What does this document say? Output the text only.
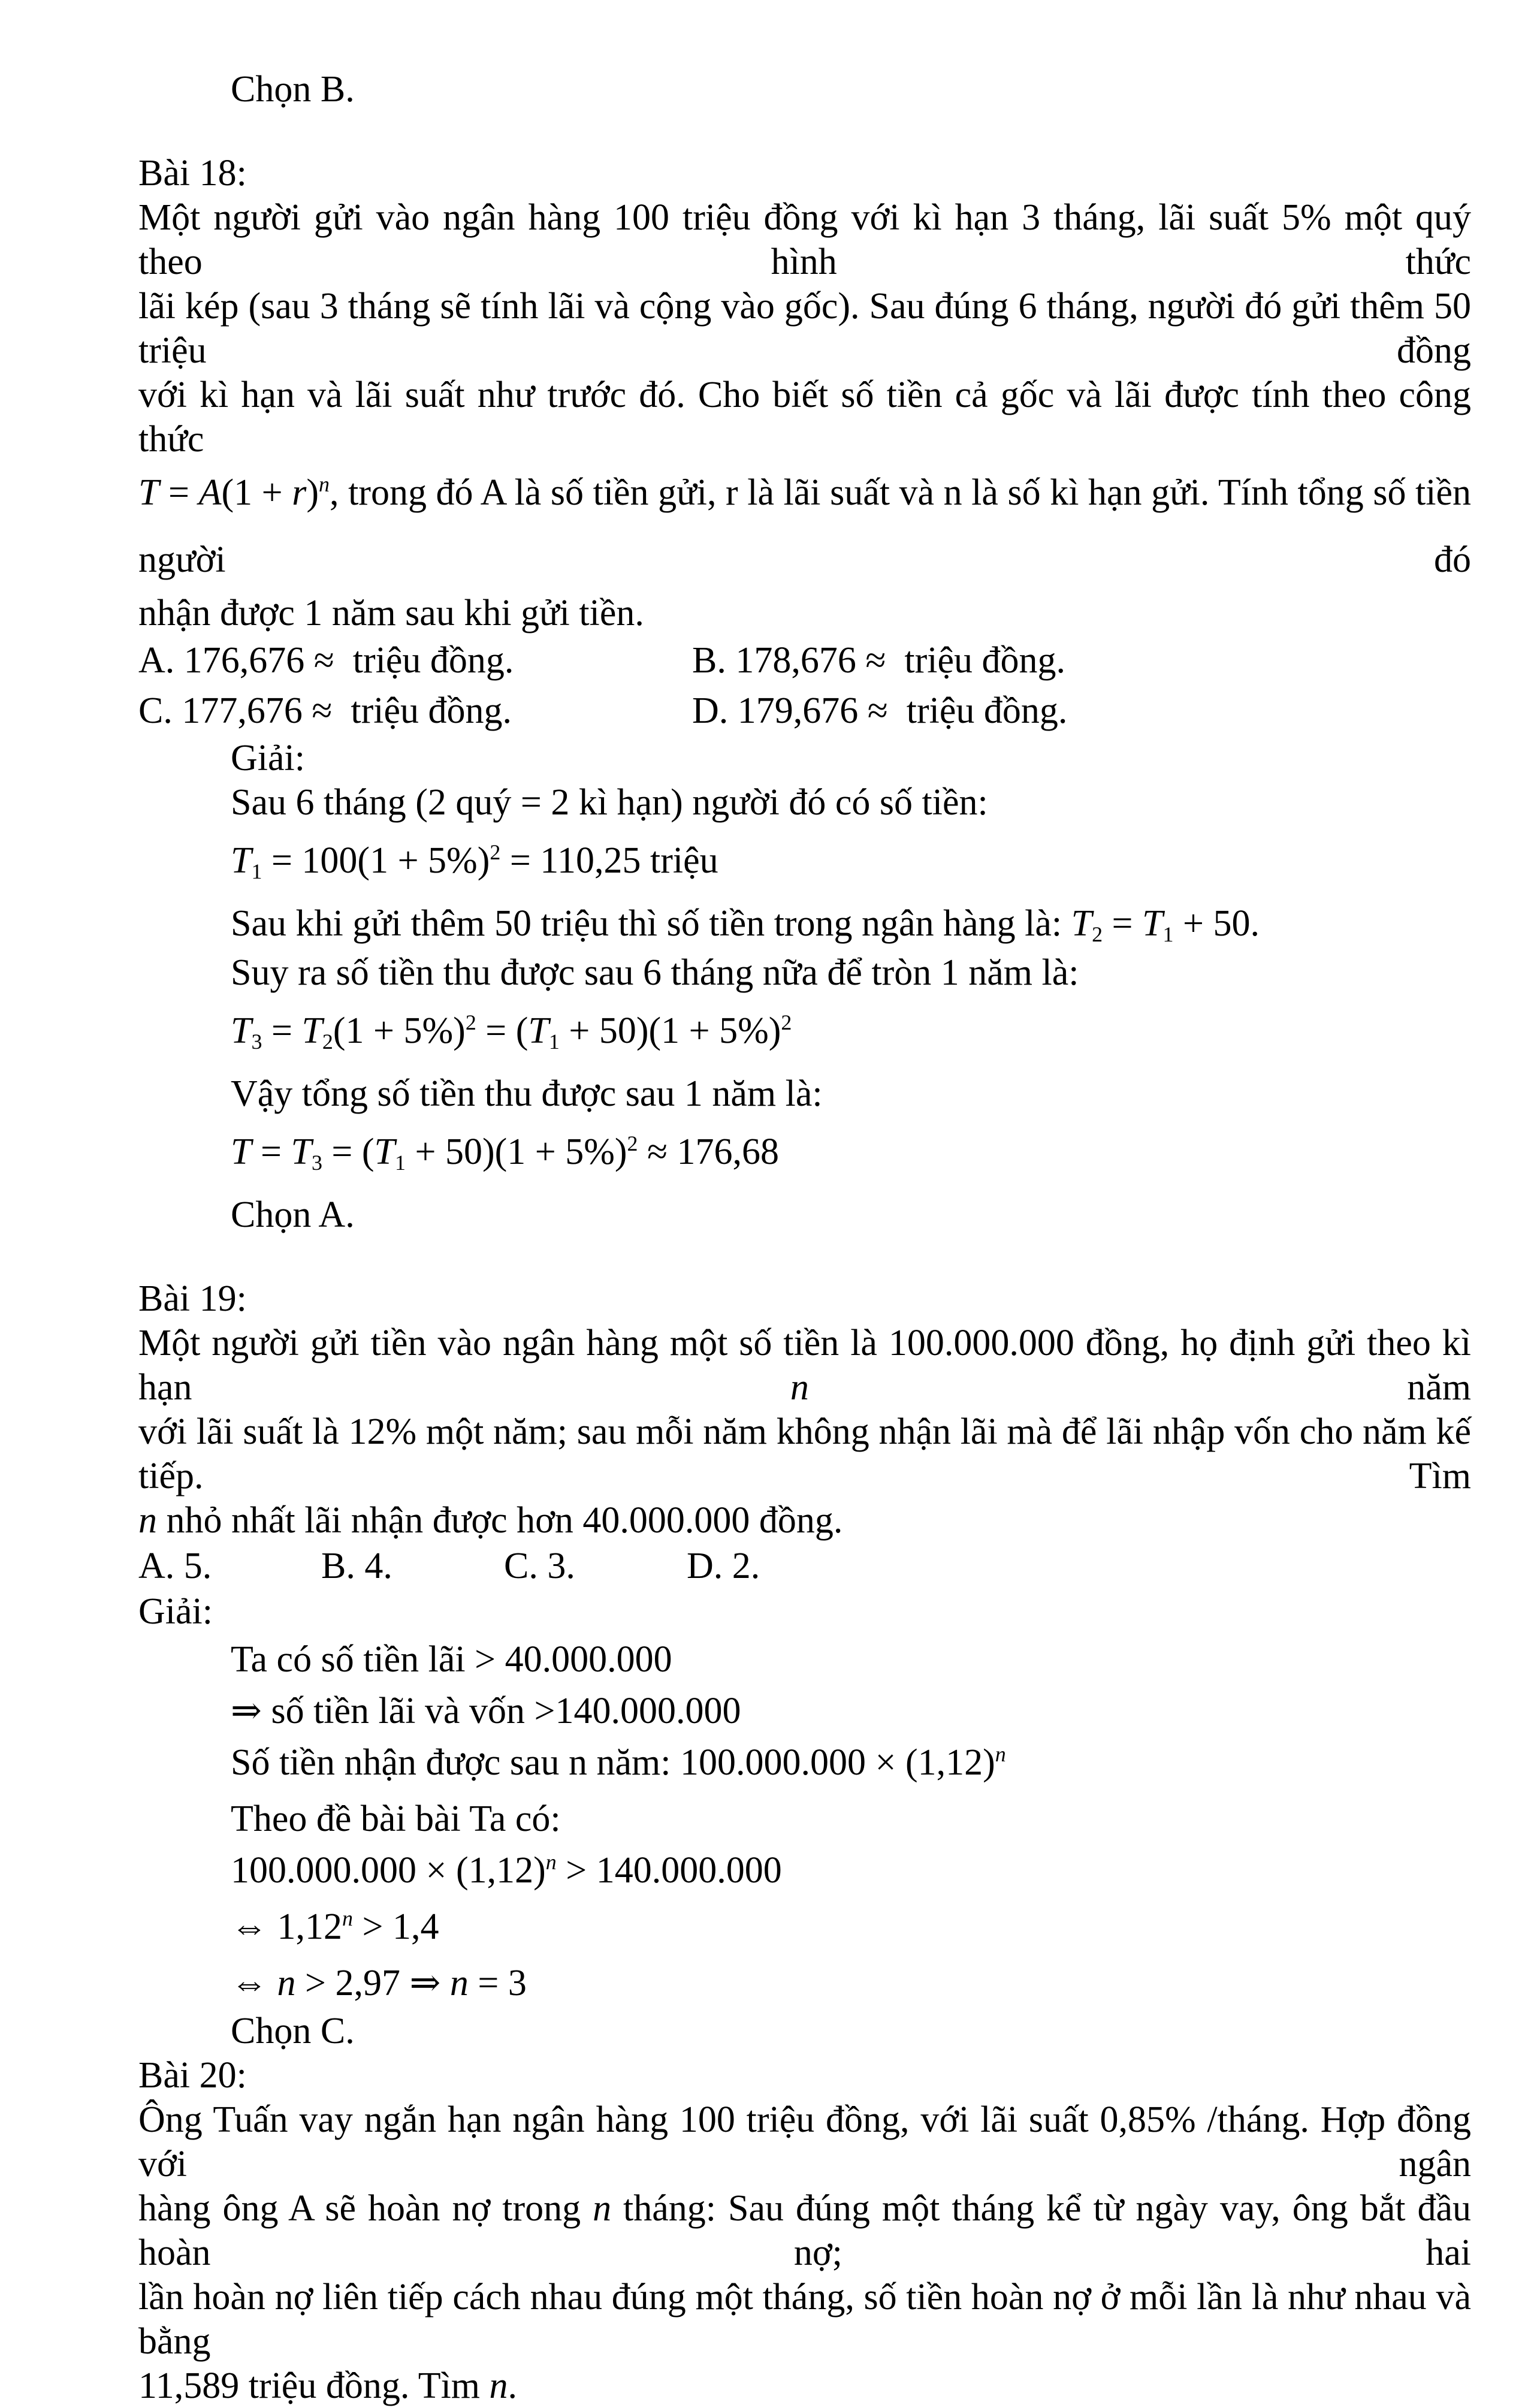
Chọn B.
Bài 18:
Một người gửi vào ngân hàng 100 triệu đồng với kì hạn 3 tháng, lãi suất 5% một quý theo hình thức
lãi kép (sau 3 tháng sẽ tính lãi và cộng vào gốc). Sau đúng 6 tháng, người đó gửi thêm 50 triệu đồng
với kì hạn và lãi suất như trước đó. Cho biết số tiền cả gốc và lãi được tính theo công thức
$T = A(1 + r)^n$, trong đó A là số tiền gửi, r là lãi suất và n là số kì hạn gửi. Tính tổng số tiền người đó
nhận được 1 năm sau khi gửi tiền.
A. 176,676 ≈ triệu đồng.	B. 178,676 ≈ triệu đồng.
C. 177,676 ≈ triệu đồng.	D. 179,676 ≈ triệu đồng.
Giải:
Sau 6 tháng (2 quý = 2 kì hạn) người đó có số tiền:
$T1 = 100(1 + 5\%)^2 = 110,25$ triệu
Sau khi gửi thêm 50 triệu thì số tiền trong ngân hàng là: T2 = T1 + 50.
Suy ra số tiền thu được sau 6 tháng nữa để tròn 1 năm là:
$T3 = T2(1 + 5\%)^2 = (T1 + 50)(1 + 5\%)^2$
Vậy tổng số tiền thu được sau 1 năm là:
$T = T3 = (T1 + 50)(1 + 5\%)^2 \approx 176,68$
Chọn A.
Bài 19:
Một người gửi tiền vào ngân hàng một số tiền là 100.000.000 đồng, họ định gửi theo kì hạn n năm
với lãi suất là 12% một năm; sau mỗi năm không nhận lãi mà để lãi nhập vốn cho năm kế tiếp. Tìm
n nhỏ nhất lãi nhận được hơn 40.000.000 đồng.
A. 5.	B. 4.	C. 3.	D. 2.
Giải:
Ta có số tiền lãi > 40.000.000
⇒ số tiền lãi và vốn >140.000.000
Số tiền nhận được sau n năm: $100.000.000 \times (1,12)^n$
Theo đề bài bài Ta có:
$100.000.000 \times (1,12)^n > 140.000.000$
⇔ $1,12^n > 1,4$
⇔ n > 2,97 ⇒ n = 3
Chọn C.
Bài 20:
Ông Tuấn vay ngắn hạn ngân hàng 100 triệu đồng, với lãi suất 0,85% /tháng. Hợp đồng với ngân
hàng ông A sẽ hoàn nợ trong n tháng: Sau đúng một tháng kể từ ngày vay, ông bắt đầu hoàn nợ; hai
lần hoàn nợ liên tiếp cách nhau đúng một tháng, số tiền hoàn nợ ở mỗi lần là như nhau và bằng
11,589 triệu đồng. Tìm n.
